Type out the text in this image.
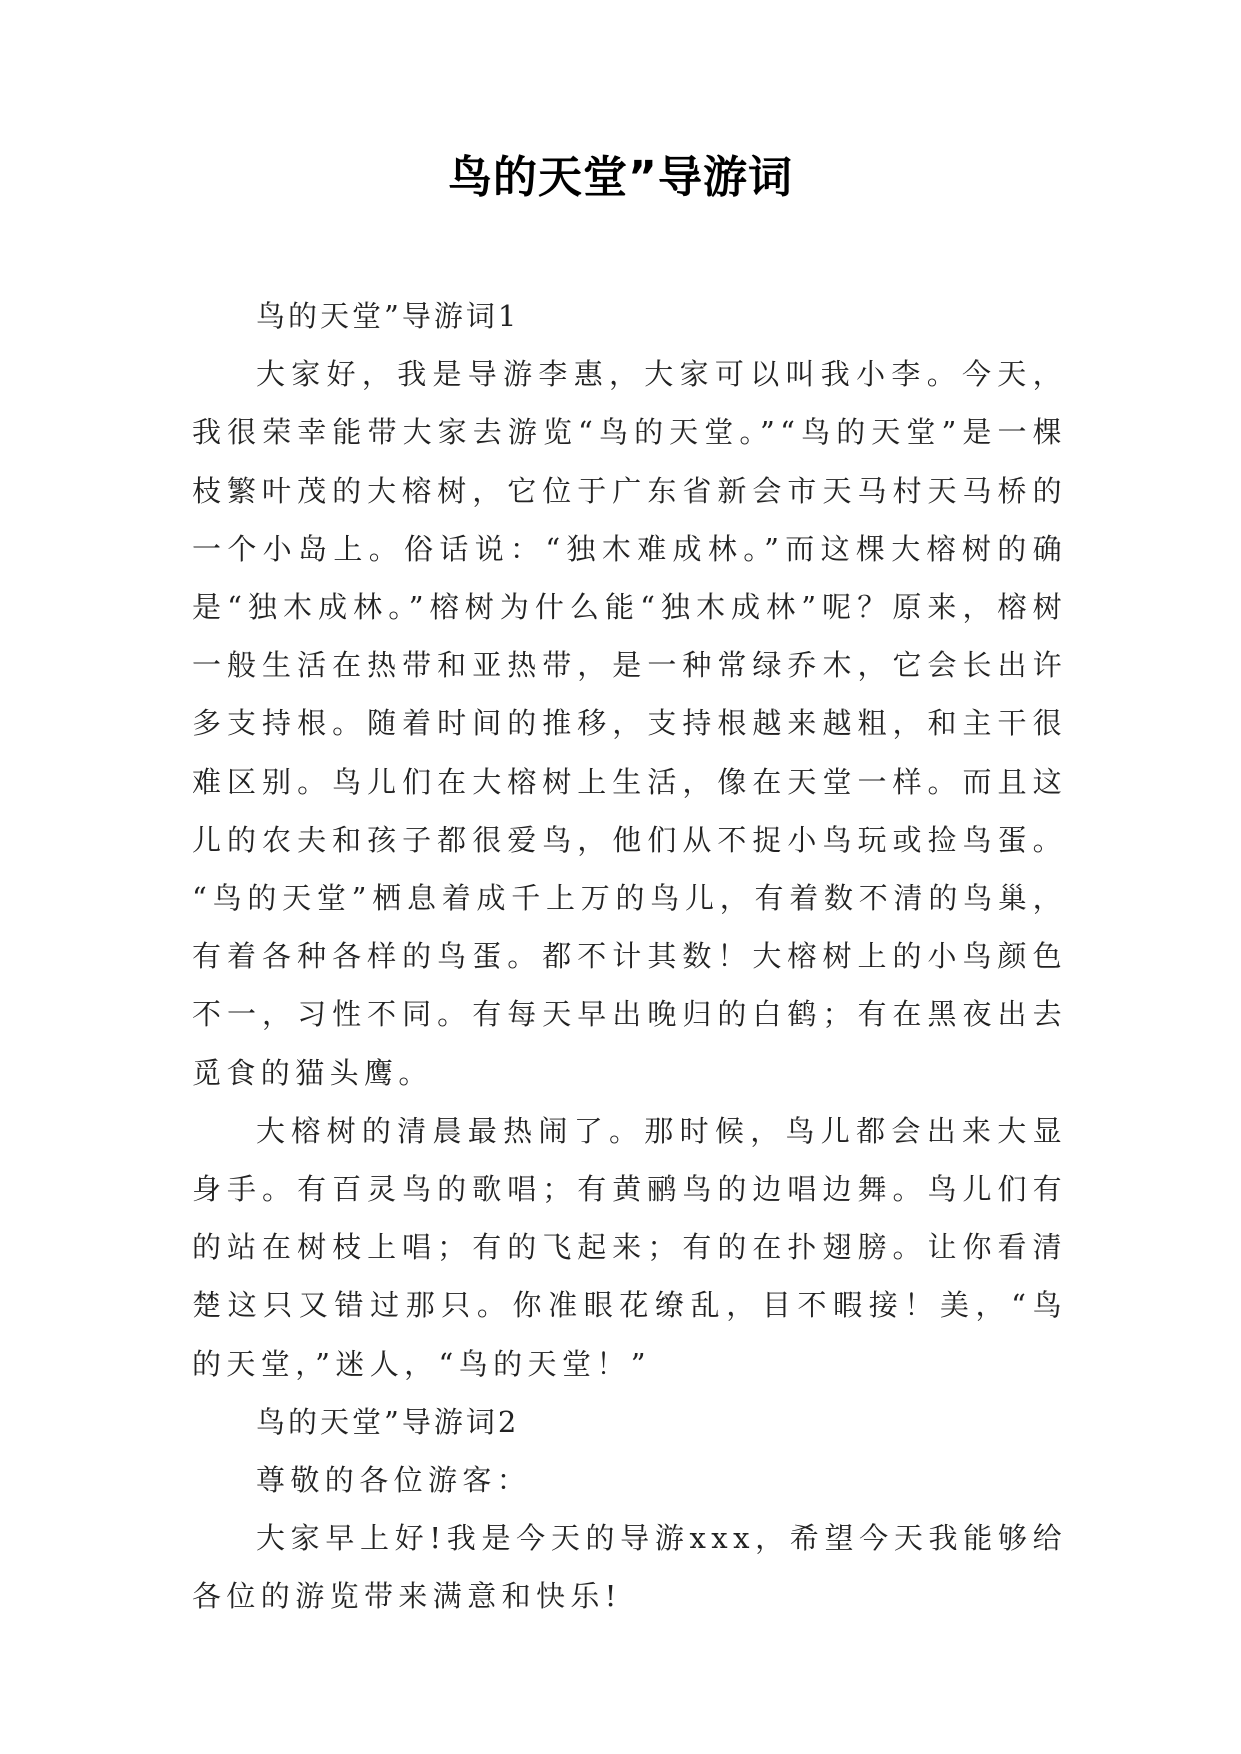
鸟的天堂”导游词

鸟的天堂”导游词1

大家好，我是导游李惠，大家可以叫我小李。今天，我很荣幸能带大家去游览“鸟的天堂。”“鸟的天堂”是一棵枝繁叶茂的大榕树，它位于广东省新会市天马村天马桥的一个小岛上。俗话说：“独木难成林。”而这棵大榕树的确是“独木成林。”榕树为什么能“独木成林”呢？原来，榕树一般生活在热带和亚热带，是一种常绿乔木，它会长出许多支持根。随着时间的推移，支持根越来越粗，和主干很难区别。鸟儿们在大榕树上生活，像在天堂一样。而且这儿的农夫和孩子都很爱鸟，他们从不捉小鸟玩或捡鸟蛋。 “鸟的天堂”栖息着成千上万的鸟儿，有着数不清的鸟巢，有着各种各样的鸟蛋。都不计其数！大榕树上的小鸟颜色不一，习性不同。有每天早出晚归的白鹤；有在黑夜出去觅食的猫头鹰。

大榕树的清晨最热闹了。那时候，鸟儿都会出来大显身手。有百灵鸟的歌唱；有黄鹂鸟的边唱边舞。鸟儿们有的站在树枝上唱；有的飞起来；有的在扑翅膀。让你看清楚这只又错过那只。你准眼花缭乱，目不暇接！美，“鸟的天堂，”迷人，“鸟的天堂！”

鸟的天堂”导游词2

尊敬的各位游客：

大家早上好!我是今天的导游xxx，希望今天我能够给各位的游览带来满意和快乐!
